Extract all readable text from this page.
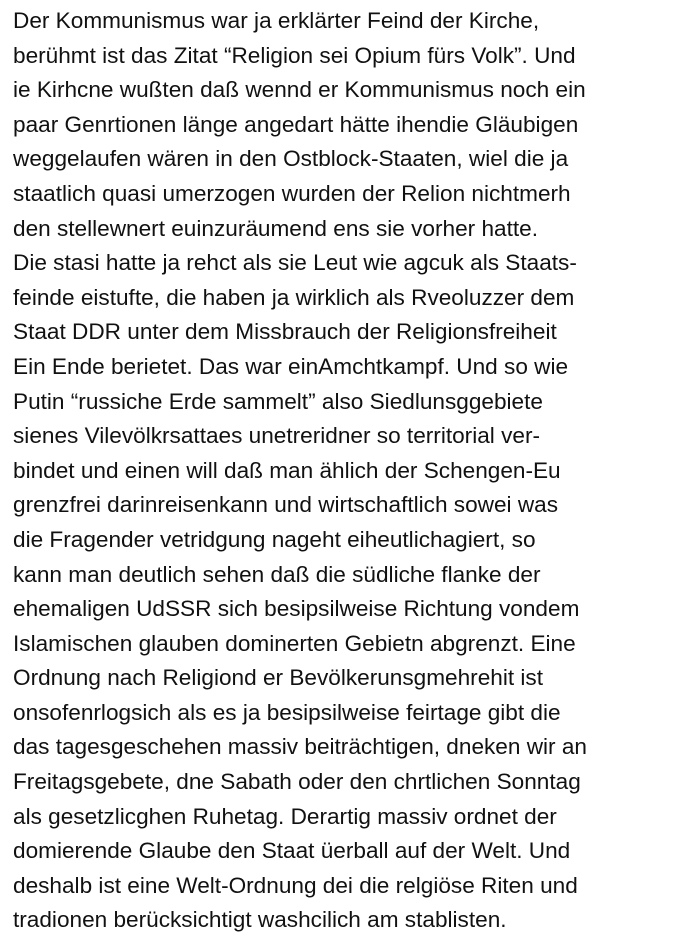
Der Kommunismus war ja erklärter Feind der Kirche,
berühmt ist das Zitat “Religion sei Opium fürs Volk”. Und
ie Kirhcne wußten daß wennd er Kommunismus noch ein
paar Genrtionen länge angedart hätte ihendie Gläubigen
weggelaufen wären in den Ostblock-Staaten, wiel die ja
staatlich quasi umerzogen wurden der Relion nichtmerh
den stellewnert euinzuräumend ens sie vorher hatte.
Die stasi hatte ja rehct als sie Leut wie agcuk als Staats-
feinde eistufte, die haben ja wirklich als Rveoluzzer dem
Staat DDR unter dem Missbrauch der Religionsfreiheit
Ein Ende berietet. Das war einAmchtkampf. Und so wie
Putin “russiche Erde sammelt” also Siedlunsggebiete
sienes Vilevölkrsattaes unetreridner so territorial ver-
bindet und einen will daß man ählich der Schengen-Eu
grenzfrei darinreisenkann und wirtschaftlich sowei was
die Fragender vetridgung nageht eiheutlichagiert, so
kann man deutlich sehen daß die südliche flanke der
ehemaligen UdSSR sich besipsilweise Richtung vondem
Islamischen glauben dominerten Gebietn abgrenzt. Eine
Ordnung nach Religiond er Bevölkerunsgmehrehit ist
onsofenrlogsich als es ja besipsilweise feirtage gibt die
das tagesgeschehen massiv beiträchtigen, dneken wir an
Freitagsgebete, dne Sabath oder den chrtlichen Sonntag
als gesetzlicghen Ruhetag. Derartig massiv ordnet der
domierende Glaube den Staat üerball auf der Welt. Und
deshalb ist eine Welt-Ordnung dei die relgiöse Riten und
tradionen berücksichtigt washcilich am stablisten.
